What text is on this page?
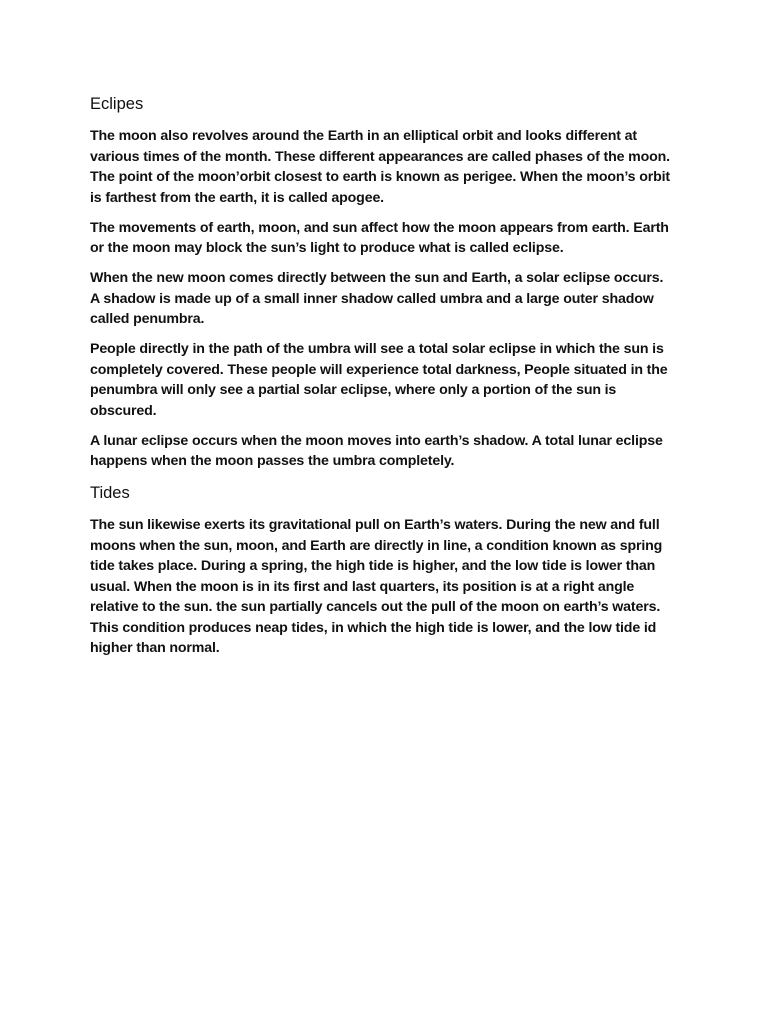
Eclipes

The moon also revolves around the Earth in an elliptical orbit and looks different at various times of the month. These different appearances are called phases of the moon. The point of the moon’orbit closest to earth is known as perigee. When the moon’s orbit is farthest from the earth, it is called apogee.

The movements of earth, moon, and sun affect how the moon appears from earth. Earth or the moon may block the sun’s light to produce what is called eclipse.

When the new moon comes directly between the sun and Earth, a solar eclipse occurs. A shadow is made up of a small inner shadow called umbra and a large outer shadow called penumbra.

People directly in the path of the umbra will see a total solar eclipse in which the sun is completely covered. These people will experience total darkness, People situated in the penumbra will only see a partial solar eclipse, where only a portion of the sun is obscured.

A lunar eclipse occurs when the moon moves into earth’s shadow. A total lunar eclipse happens when the moon passes the umbra completely.

Tides

The sun likewise exerts its gravitational pull on Earth’s waters. During the new and full moons when the sun, moon, and Earth are directly in line, a condition known as spring tide takes place. During a spring, the high tide is higher, and the low tide is lower than usual. When the moon is in its first and last quarters, its position is at a right angle relative to the sun. the sun partially cancels out the pull of the moon on earth’s waters. This condition produces neap tides, in which the high tide is lower, and the low tide id higher than normal.
